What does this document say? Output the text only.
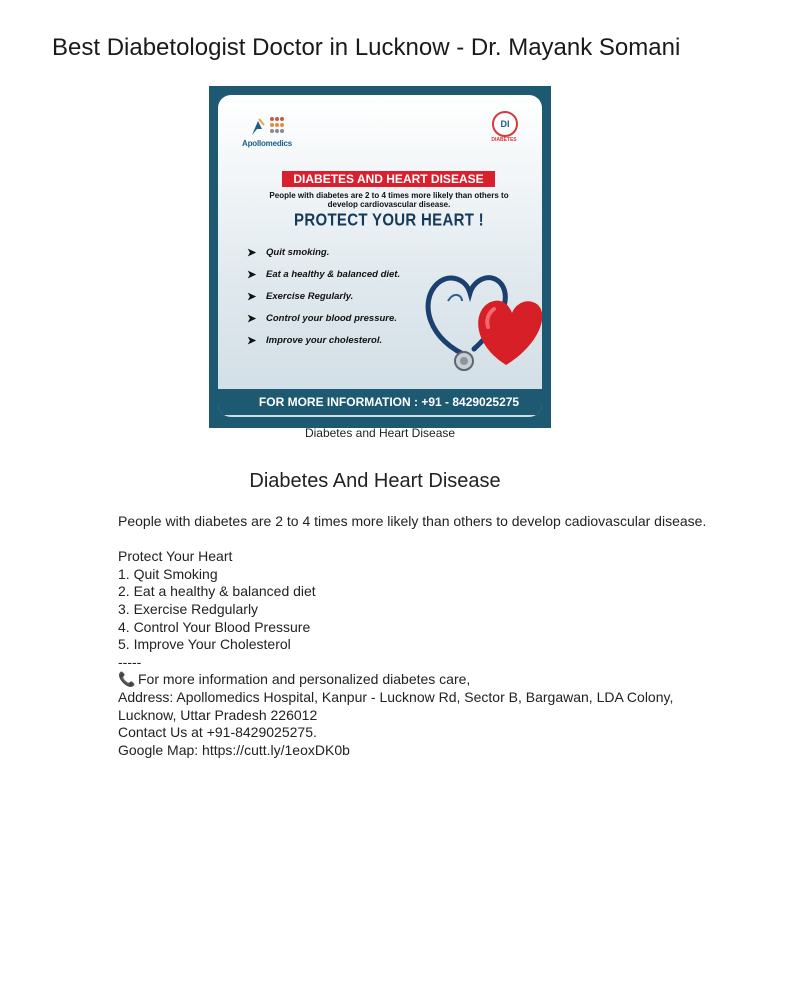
Best Diabetologist Doctor in Lucknow - Dr. Mayank Somani
Apollomedics
DI
DIABETES
DIABETES AND HEART DISEASE
People with diabetes are 2 to 4 times more likely than others to
develop cardiovascular disease.
PROTECT YOUR HEART !
➤ Quit smoking.
➤ Eat a healthy & balanced diet.
➤ Exercise Regularly.
➤ Control your blood pressure.
➤ Improve your cholesterol.
FOR MORE INFORMATION : +91 - 8429025275
Diabetes and Heart Disease
Diabetes And Heart Disease

People with diabetes are 2 to 4 times more likely than others to develop cadiovascular disease.

Protect Your Heart

1. Quit Smoking

2. Eat a healthy & balanced diet

3. Exercise Redgularly

4. Control Your Blood Pressure

5. Improve Your Cholesterol

-----

📞 For more information and personalized diabetes care,

Address: Apollomedics Hospital, Kanpur - Lucknow Rd, Sector B, Bargawan, LDA Colony,

Lucknow, Uttar Pradesh 226012

Contact Us at +91-8429025275.

Google Map: https://cutt.ly/1eoxDK0b
